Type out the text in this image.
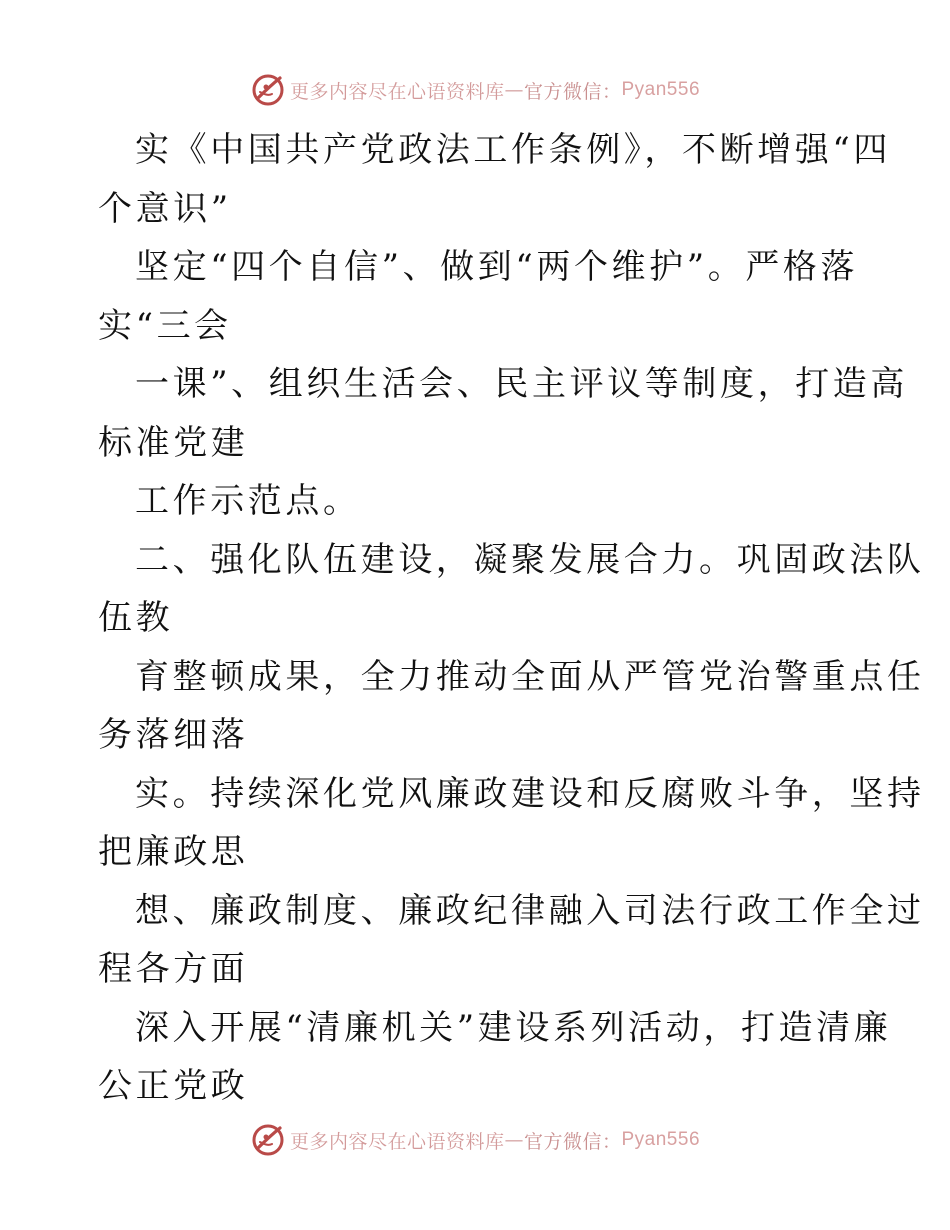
更多内容尽在心语资料库 — 官方微信： Pyan556
实《中国共产党政法工作条例》，不断增强“四
个意识”
坚定“四个自信”、做到“两个维护”。严格落
实“三会
一课”、组织生活会、民主评议等制度，打造高
标准党建
工作示范点。
二、强化队伍建设，凝聚发展合力。巩固政法队
伍教
育整顿成果，全力推动全面从严管党治警重点任
务落细落
实。持续深化党风廉政建设和反腐败斗争，坚持
把廉政思
想、廉政制度、廉政纪律融入司法行政工作全过
程各方面
深入开展“清廉机关”建设系列活动，打造清廉
公正党政
更多内容尽在心语资料库 — 官方微信： Pyan556
